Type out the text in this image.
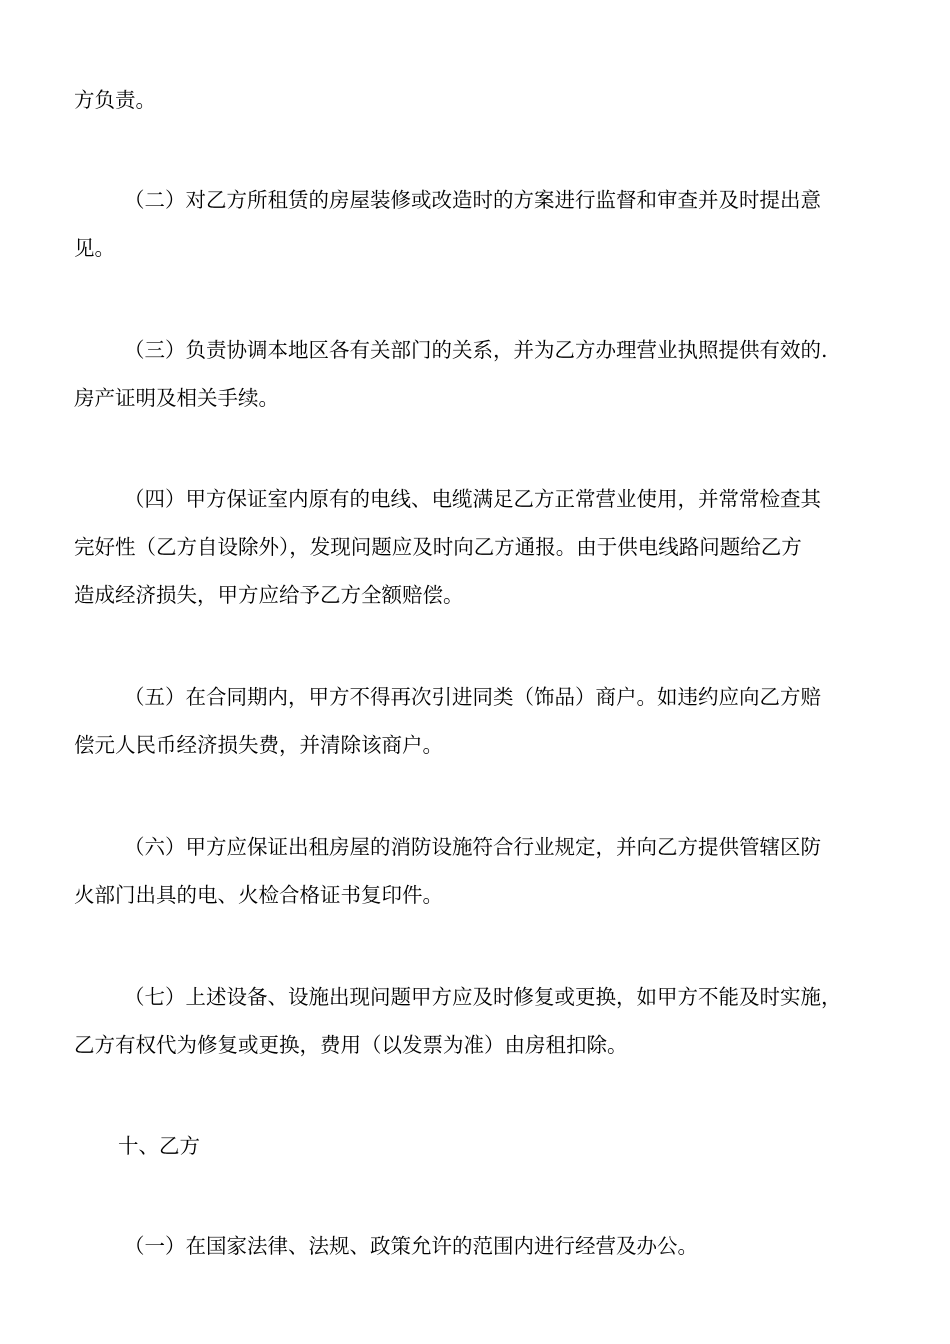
方负责。

（二）对乙方所租赁的房屋装修或改造时的方案进行监督和审查并及时提出意
见。

（三）负责协调本地区各有关部门的关系，并为乙方办理营业执照提供有效的.
房产证明及相关手续。

（四）甲方保证室内原有的电线、电缆满足乙方正常营业使用，并常常检查其
完好性（乙方自设除外），发现问题应及时向乙方通报。由于供电线路问题给乙方
造成经济损失，甲方应给予乙方全额赔偿。

（五）在合同期内，甲方不得再次引进同类（饰品）商户。如违约应向乙方赔
偿元人民币经济损失费，并清除该商户。

（六）甲方应保证出租房屋的消防设施符合行业规定，并向乙方提供管辖区防
火部门出具的电、火检合格证书复印件。

（七）上述设备、设施出现问题甲方应及时修复或更换，如甲方不能及时实施，
乙方有权代为修复或更换，费用（以发票为准）由房租扣除。

十、乙方

（一）在国家法律、法规、政策允许的范围内进行经营及办公。
